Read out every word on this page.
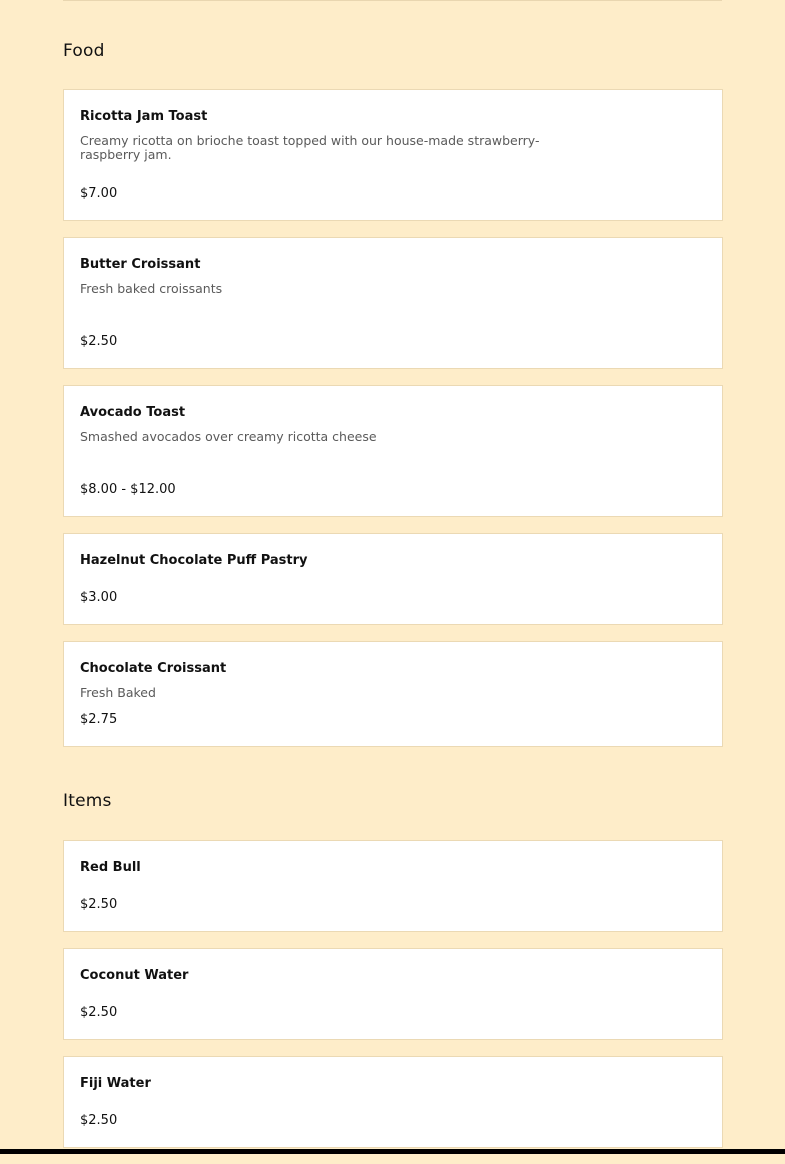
Food
Ricotta Jam Toast
Creamy ricotta on brioche toast topped with our house-made strawberry-raspberry jam.
$7.00
Butter Croissant
Fresh baked croissants
$2.50
Avocado Toast
Smashed avocados over creamy ricotta cheese
$8.00 - $12.00
Hazelnut Chocolate Puff Pastry
$3.00
Chocolate Croissant
Fresh Baked
$2.75
Items
Red Bull
$2.50
Coconut Water
$2.50
Fiji Water
$2.50
